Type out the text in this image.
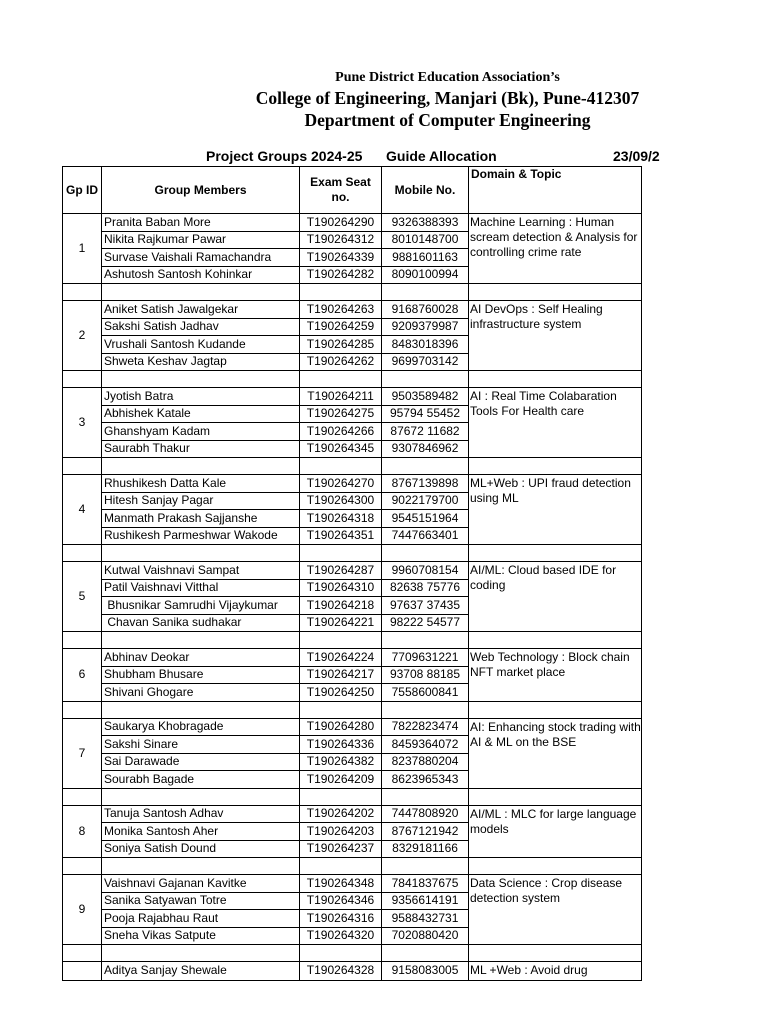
Pune District Education Association’s
College of Engineering, Manjari (Bk), Pune-412307
Department of Computer Engineering
Project Groups 2024-25 Guide Allocation	23/09/2
Gp ID	Group Members	Exam Seat no.	Mobile No.	Domain & Topic
1	Pranita Baban More	T190264290	9326388393	Machine Learning : Human scream detection & Analysis for controlling crime rate
	Nikita Rajkumar Pawar	T190264312	8010148700	
	Survase Vaishali Ramachandra	T190264339	9881601163	
	Ashutosh Santosh Kohinkar	T190264282	8090100994	

2	Aniket Satish Jawalgekar	T190264263	9168760028	AI DevOps : Self Healing infrastructure system
	Sakshi Satish Jadhav	T190264259	9209379987	
	Vrushali Santosh Kudande	T190264285	8483018396	
	Shweta Keshav Jagtap	T190264262	9699703142	

3	Jyotish Batra	T190264211	9503589482	AI : Real Time Colabaration Tools For Health care
	Abhishek Katale	T190264275	95794 55452	
	Ghanshyam Kadam	T190264266	87672 11682	
	Saurabh Thakur	T190264345	9307846962	

4	Rhushikesh Datta Kale	T190264270	8767139898	ML+Web : UPI fraud detection using ML
	Hitesh Sanjay Pagar	T190264300	9022179700	
	Manmath Prakash Sajjanshe	T190264318	9545151964	
	Rushikesh Parmeshwar Wakode	T190264351	7447663401	

5	Kutwal Vaishnavi Sampat	T190264287	9960708154	AI/ML: Cloud based IDE for coding
	Patil Vaishnavi Vitthal	T190264310	82638 75776	
	Bhusnikar Samrudhi Vijaykumar	T190264218	97637 37435	
	Chavan Sanika sudhakar	T190264221	98222 54577	

6	Abhinav Deokar	T190264224	7709631221	Web Technology : Block chain NFT market place
	Shubham Bhusare	T190264217	93708 88185	
	Shivani Ghogare	T190264250	7558600841	

7	Saukarya Khobragade	T190264280	7822823474	AI: Enhancing stock trading with AI & ML on the BSE
	Sakshi Sinare	T190264336	8459364072	
	Sai Darawade	T190264382	8237880204	
	Sourabh Bagade	T190264209	8623965343	

8	Tanuja Santosh Adhav	T190264202	7447808920	AI/ML : MLC for large language models
	Monika Santosh Aher	T190264203	8767121942	
	Soniya Satish Dound	T190264237	8329181166	

9	Vaishnavi Gajanan Kavitke	T190264348	7841837675	Data Science : Crop disease detection system
	Sanika Satyawan Totre	T190264346	9356614191	
	Pooja Rajabhau Raut	T190264316	9588432731	
	Sneha Vikas Satpute	T190264320	7020880420	

	Aditya Sanjay Shewale	T190264328	9158083005	ML +Web : Avoid drug
